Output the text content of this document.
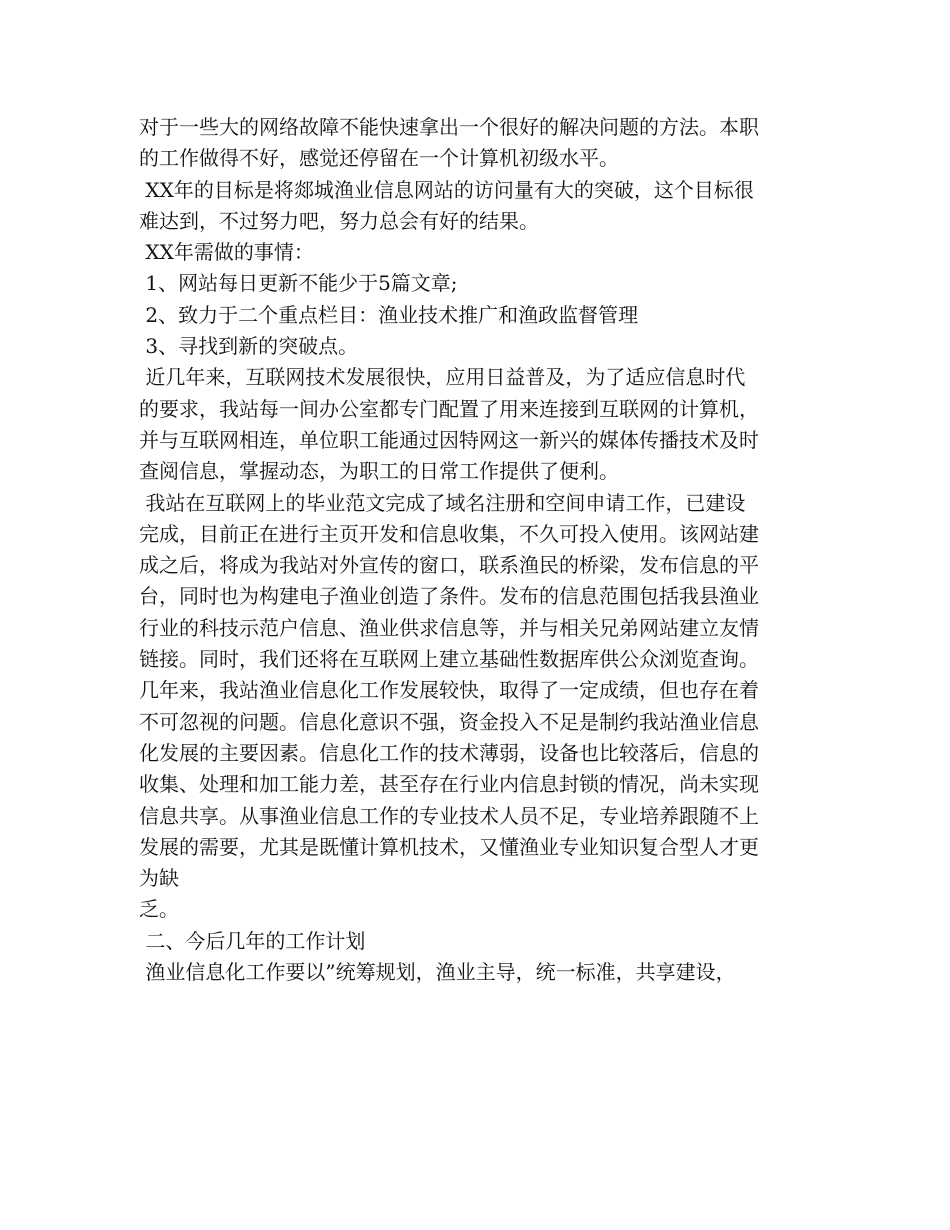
对于一些大的网络故障不能快速拿出一个很好的解决问题的方法。本职
的工作做得不好，感觉还停留在一个计算机初级水平。
XX年的目标是将郯城渔业信息网站的访问量有大的突破，这个目标很
难达到，不过努力吧，努力总会有好的结果。
XX年需做的事情：
1、网站每日更新不能少于5篇文章;
2、致力于二个重点栏目：渔业技术推广和渔政监督管理
3、寻找到新的突破点。
近几年来，互联网技术发展很快，应用日益普及，为了适应信息时代
的要求，我站每一间办公室都专门配置了用来连接到互联网的计算机，
并与互联网相连，单位职工能通过因特网这一新兴的媒体传播技术及时
查阅信息，掌握动态，为职工的日常工作提供了便利。
我站在互联网上的毕业范文完成了域名注册和空间申请工作，已建设
完成，目前正在进行主页开发和信息收集，不久可投入使用。该网站建
成之后，将成为我站对外宣传的窗口，联系渔民的桥梁，发布信息的平
台，同时也为构建电子渔业创造了条件。发布的信息范围包括我县渔业
行业的科技示范户信息、渔业供求信息等，并与相关兄弟网站建立友情
链接。同时，我们还将在互联网上建立基础性数据库供公众浏览查询。
几年来，我站渔业信息化工作发展较快，取得了一定成绩，但也存在着
不可忽视的问题。信息化意识不强，资金投入不足是制约我站渔业信息
化发展的主要因素。信息化工作的技术薄弱，设备也比较落后，信息的
收集、处理和加工能力差，甚至存在行业内信息封锁的情况，尚未实现
信息共享。从事渔业信息工作的专业技术人员不足，专业培养跟随不上
发展的需要，尤其是既懂计算机技术，又懂渔业专业知识复合型人才更
为缺
乏。
二、今后几年的工作计划
渔业信息化工作要以”统筹规划，渔业主导，统一标准，共享建设，
